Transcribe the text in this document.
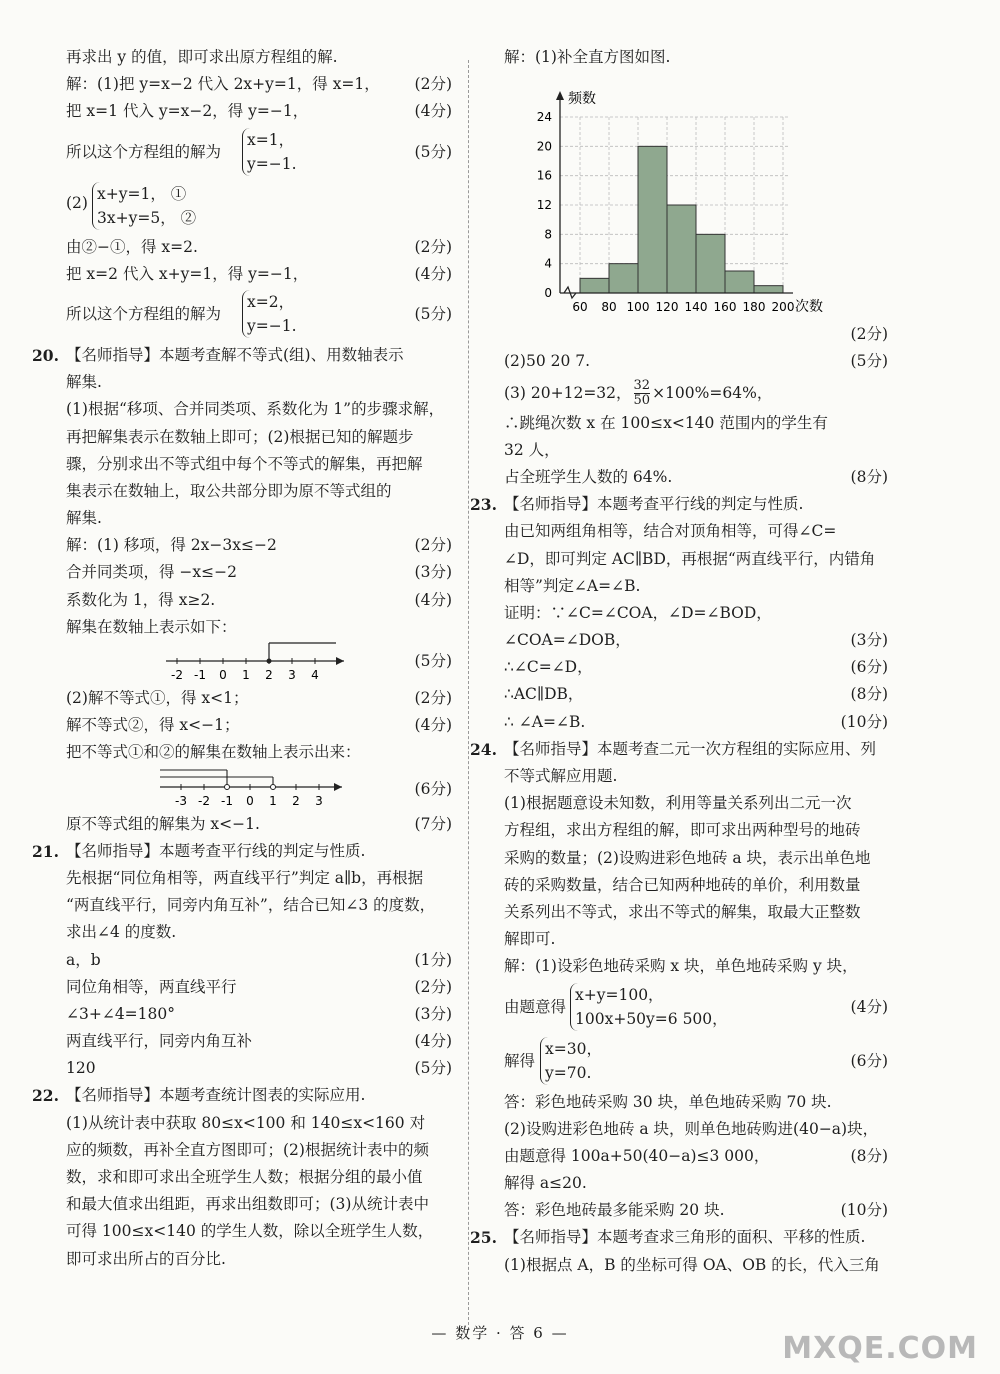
再求出 y 的值，即可求出原方程组的解.
解：(1)把 y=x−2 代入 2x+y=1，得 x=1， (2分)
把 x=1 代入 y=x−2，得 y=−1，	(4分)
所以这个方程组的解为
x=1，
y=−1.
(5分)
(2) x+y=1， ①
3x+y=5， ②
由②−①，得 x=2.	(2分)
把 x=2 代入 x+y=1，得 y=−1，	(4分)
所以这个方程组的解为
x=2，
y=−1.
(5分)
20. 【名师指导】本题考查解不等式(组)、用数轴表示
解集.
(1)根据“移项、合并同类项、系数化为 1”的步骤求解，
再把解集表示在数轴上即可；(2)根据已知的解题步
骤，分别求出不等式组中每个不等式的解集，再把解
集表示在数轴上，取公共部分即为原不等式组的
解集.
解：(1) 移项，得 2x−3x≤−2	(2分)
合并同类项，得 −x≤−2	(3分)
系数化为 1，得 x≥2.	(4分)
解集在数轴上表示如下：
-2 -1 0 1 2 3 4
(5分)
(2)解不等式①，得 x<1；	(2分)
解不等式②，得 x<−1；	(4分)
把不等式①和②的解集在数轴上表示出来：
-3 -2 -1 0 1 2 3
(6分)
原不等式组的解集为 x<−1.	(7分)
21. 【名师指导】本题考查平行线的判定与性质.
先根据“同位角相等，两直线平行”判定 a∥b，再根据
“两直线平行，同旁内角互补”，结合已知∠3 的度数，
求出∠4 的度数.
a，b	(1分)
同位角相等，两直线平行	(2分)
∠3+∠4=180°	(3分)
两直线平行，同旁内角互补	(4分)
120	(5分)
22. 【名师指导】本题考查统计图表的实际应用.
(1)从统计表中获取 80≤x<100 和 140≤x<160 对
应的频数，再补全直方图即可；(2)根据统计表中的频
数，求和即可求出全班学生人数；根据分组的最小值
和最大值求出组距，再求出组数即可；(3)从统计表中
可得 100≤x<140 的学生人数，除以全班学生人数，
即可求出所占的百分比.
解：(1)补全直方图如图.
0
4
8
12
16
20
24
60 80 100 120 140 160 180 200
频数
次数
(2分)
(2)50 20 7.	(5分)
(3) 20+12=32， $\frac{32}{50} \times 100\%=64\%$，
∴跳绳次数 x 在 100≤x<140 范围内的学生有
32 人，
占全班学生人数的 64%.	(8分)
23. 【名师指导】本题考查平行线的判定与性质.
由已知两组角相等，结合对顶角相等，可得∠C=
∠D，即可判定 AC∥BD，再根据“两直线平行，内错角
相等”判定∠A=∠B.
证明：∵∠C=∠COA，∠D=∠BOD，
∠COA=∠DOB，	(3分)
∴∠C=∠D，	(6分)
∴AC∥DB，	(8分)
∴ ∠A=∠B.	(10分)
24. 【名师指导】本题考查二元一次方程组的实际应用、列
不等式解应用题.
(1)根据题意设未知数，利用等量关系列出二元一次
方程组，求出方程组的解，即可求出两种型号的地砖
采购的数量；(2)设购进彩色地砖 a 块，表示出单色地
砖的采购数量，结合已知两种地砖的单价，利用数量
关系列出不等式，求出不等式的解集，取最大正整数
解即可.
解：(1)设彩色地砖采购 x 块，单色地砖采购 y 块，
由题意得
x+y=100，
100x+50y=6 500，
(4分)
解得
x=30，
y=70.
(6分)
答：彩色地砖采购 30 块，单色地砖采购 70 块.
(2)设购进彩色地砖 a 块，则单色地砖购进(40−a)块，
由题意得 100a+50(40−a)≤3 000，	(8分)
解得 a≤20.
答：彩色地砖最多能采购 20 块.	(10分)
25. 【名师指导】本题考查求三角形的面积、平移的性质.
(1)根据点 A，B 的坐标可得 OA、OB 的长，代入三角
— 数学 · 答 6 —	MXQE.COM
